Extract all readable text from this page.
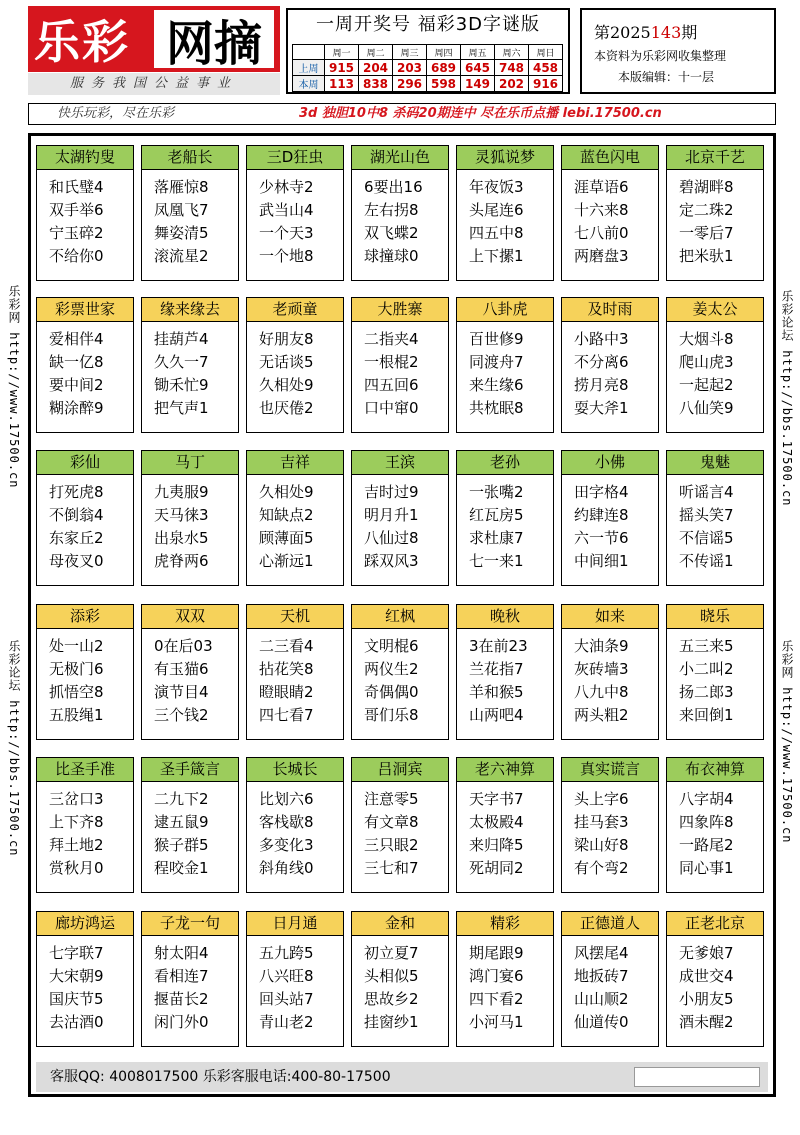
乐彩 网摘
服务我国公益事业
一周开奖号 福彩3D字谜版
	周一	周二	周三	周四	周五	周六	周日
上周	915	204	203	689	645	748	458
本周	113	838	296	598	149	202	916
第2025143期
本资料为乐彩网收集整理
本版编辑：十一层
快乐玩彩，尽在乐彩	3d 独胆10中8 杀码20期连中 尽在乐币点播 lebi.17500.cn
乐彩网 http://www.17500.cn
乐彩论坛 http://bbs.17500.cn
乐彩论坛 http://bbs.17500.cn
乐彩网 http://www.17500.cn
太湖钓叟
和氏璧4
双手举6
宁玉碎2
不给你0
老船长
落雁惊8
凤凰飞7
舞姿清5
滚流星2
三D狂虫
少林寺2
武当山4
一个天3
一个地8
湖光山色
6要出16
左右拐8
双飞蝶2
球撞球0
灵狐说梦
年夜饭3
头尾连6
四五中8
上下摞1
蓝色闪电
涯草语6
十六来8
七八前0
两磨盘3
北京千艺
碧湖畔8
定二珠2
一零后7
把米驮1
彩票世家
爱相伴4
缺一亿8
要中间2
糊涂醉9
缘来缘去
挂葫芦4
久久一7
锄禾忙9
把气声1
老顽童
好朋友8
无话谈5
久相处9
也厌倦2
大胜寨
二指夹4
一根棍2
四五回6
口中窜0
八卦虎
百世修9
同渡舟7
来生缘6
共枕眠8
及时雨
小路中3
不分离6
捞月亮8
耍大斧1
姜太公
大烟斗8
爬山虎3
一起起2
八仙笑9
彩仙
打死虎8
不倒翁4
东家丘2
母夜叉0
马丁
九夷服9
天马徕3
出泉水5
虎脊两6
吉祥
久相处9
知缺点2
顾薄面5
心渐远1
王滨
吉时过9
明月升1
八仙过8
踩双风3
老孙
一张嘴2
红瓦房5
求杜康7
七一来1
小佛
田字格4
约肆连8
六一节6
中间细1
鬼魅
听谣言4
摇头笑7
不信谣5
不传谣1
添彩
处一山2
无极门6
抓悟空8
五股绳1
双双
0在后03
有玉猫6
演节目4
三个钱2
天机
二三看4
拈花笑8
瞪眼睛2
四七看7
红枫
文明棍6
两仪生2
奇偶偶0
哥们乐8
晚秋
3在前23
兰花指7
羊和猴5
山两吧4
如来
大油条9
灰砖墙3
八九中8
两头粗2
晓乐
五三来5
小二叫2
扬二郎3
来回倒1
比圣手准
三岔口3
上下齐8
拜土地2
赏秋月0
圣手箴言
二九下2
逮五鼠9
猴子群5
程咬金1
长城长
比划六6
客栈歇8
多变化3
斜角线0
吕洞宾
注意零5
有文章8
三只眼2
三七和7
老六神算
天字书7
太极殿4
来归降5
死胡同2
真实谎言
头上字6
挂马套3
梁山好8
有个弯2
布衣神算
八字胡4
四象阵8
一路尾2
同心事1
廊坊鸿运
七字联7
大宋朝9
国庆节5
去沽酒0
子龙一句
射太阳4
看相连7
揠苗长2
闲门外0
日月通
五九跨5
八兴旺8
回头站7
青山老2
金和
初立夏7
头相似5
思故乡2
挂窗纱1
精彩
期尾跟9
鸿门宴6
四下看2
小河马1
正德道人
风摆尾4
地扳砖7
山山顺2
仙道传0
正老北京
无爹娘7
成世交4
小朋友5
酒未醒2
客服QQ: 4008017500 乐彩客服电话:400-80-17500
